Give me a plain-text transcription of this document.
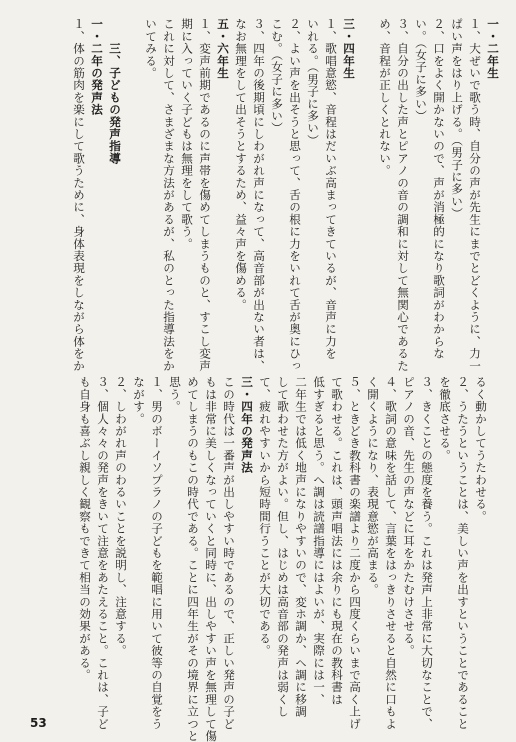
一・二年生
１、大ぜいで歌う時、自分の声が先生にまでとどくように、力一
ぱい声をはり上げる。（男子に多い）
２、口をよく開かないので、声が消極的になり歌詞がわからな
い。（女子に多い）
３、自分の出した声とピアノの音の調和に対して無関心であるた
め、音程が正しくとれない。

三・四年生
１、歌唱意慾、音程はだいぶ高まってきているが、音声に力を
いれる。（男子に多い）
２、よい声を出そうと思って、舌の根に力をいれて舌が奥にひっ
こむ。（女子に多い）
３、四年の後期頃にしわがれ声になって、高音部が出ない者は、
なお無理をして出そうとするため、益々声を傷める。
五・六年生
１、変声前期であるのに声帯を傷めてしまうものと、すこし変声
期に入っていく子どもは無理をして歌う。
これに対して、さまざまな方法があるが、私のとった指導法をか
いてみる。

　　三、子どもの発声指導
一・二年の発声法
１、体の筋肉を楽にして歌うために、身体表現をしながら体をか
るく動かしてうたわせる。
２、うたうということは、美しい声を出すということであること
を徹底させる。
３、きくことの態度を養う。これは発声上非常に大切なことで、
ピアノの音、先生の声などに耳をかたむけさせる。
４、歌詞の意味を話して、言葉をはっきりさせると自然に口もよ
く開くようになり、表現意慾が高まる。
５、ときどき教科書の楽譜より二度から四度くらいまで高く上げ
て歌わせる。これは、頭声唱法には余りにも現在の教科書は
低すぎると思う。へ調は読譜指導にはよいが、実際には一、
二年生では低く地声になりやすいので、変ホ調か、ヘ調に移調
して歌わせた方がよい。但し、はじめは高音部の発声は弱くし
て、疲れやすいから短時間行うことが大切である。
三・四年の発声法
この時代は一番声が出しやすい時であるので、正しい発声の子ど
もは非常に美しくなっていくと同時に、出しやすい声を無理して傷
めてしまうのもこの時代である。ことに四年生がその境界に立つと
思う。
１、男のボーイソプラノの子どもを範唱に用いて彼等の自覚をう
ながす。
２、しわがれ声のわるいことを説明し、注意する。
３、個人々々の発声をきいて注意をあたえること。これは、子ど
も自身も喜ぶし親しく観察もできて相当の効果がある。
53
